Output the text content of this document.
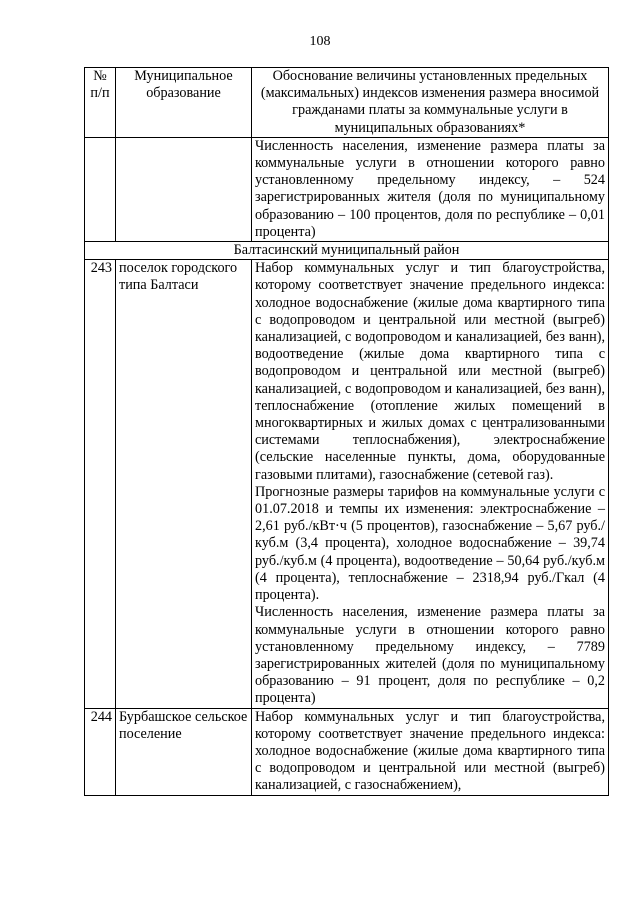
108
№ п/п	Муниципальное образование	Обоснование величины установленных предельных (максимальных) индексов изменения размера вносимой гражданами платы за коммунальные услуги в муниципальных образованиях*

		Численность населения, изменение размера платы за коммунальные услуги в отношении которого равно установленному предельному индексу, – 524 зарегистрированных жителя (доля по муниципальному образованию – 100 процентов, доля по республике – 0,01 процента)

Балтасинский муниципальный район		
243	поселок городского типа Балтаси	Набор коммунальных услуг и тип благоустройства, которому соответствует значение предельного индекса: холодное водоснабжение (жилые дома квартирного типа с водопроводом и центральной или местной (выгреб) канализацией, с водопроводом и канализацией, без ванн), водоотведение (жилые дома квартирного типа с водопроводом и центральной или местной (выгреб) канализацией, с водопроводом и канализацией, без ванн), теплоснабжение (отопление жилых помещений в многоквартирных и жилых домах с централизованными системами теплоснабжения), электроснабжение (сельские населенные пункты, дома, оборудованные газовыми плитами), газоснабжение (сетевой газ).

Прогнозные размеры тарифов на коммунальные услуги с 01.07.2018 и темпы их изменения: электроснабжение – 2,61 руб./кВт·ч (5 процентов), газоснабжение – 5,67 руб./куб.м (3,4 процента), холодное водоснабжение – 39,74 руб./куб.м (4 процента), водоотведение – 50,64 руб./куб.м (4 процента), теплоснабжение – 2318,94 руб./Гкал (4 процента).

Численность населения, изменение размера платы за коммунальные услуги в отношении которого равно установленному предельному индексу, – 7789 зарегистрированных жителей (доля по муниципальному образованию – 91 процент, доля по республике – 0,2 процента)

244	Бурбашское сельское поселение	Набор коммунальных услуг и тип благоустройства, которому соответствует значение предельного индекса: холодное водоснабжение (жилые дома квартирного типа с водопроводом и центральной или местной (выгреб) канализацией, с газоснабжением),
